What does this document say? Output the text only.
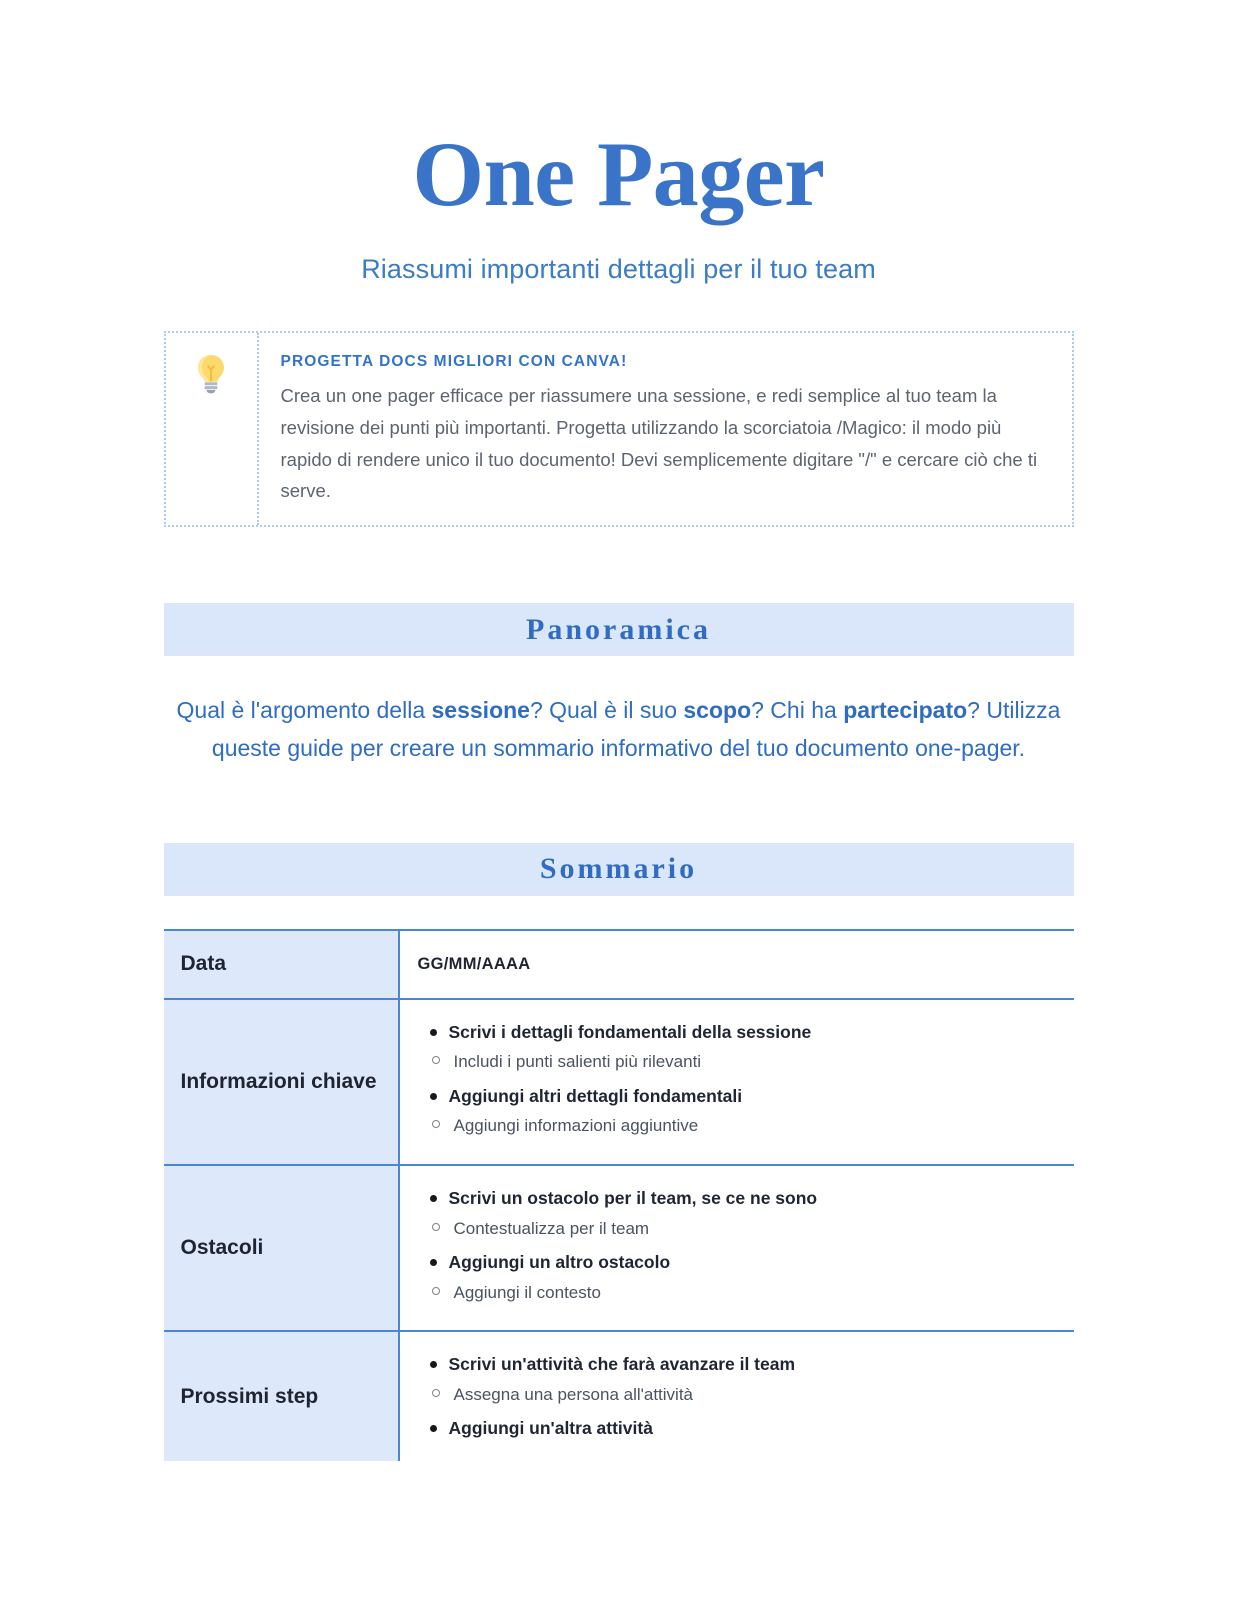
One Pager
Riassumi importanti dettagli per il tuo team
PROGETTA DOCS MIGLIORI CON CANVA!
Crea un one pager efficace per riassumere una sessione, e redi semplice al tuo team la revisione dei punti più importanti. Progetta utilizzando la scorciatoia /Magico: il modo più rapido di rendere unico il tuo documento! Devi semplicemente digitare "/" e cercare ciò che ti serve.
Panoramica
Qual è l'argomento della sessione? Qual è il suo scopo? Chi ha partecipato? Utilizza queste guide per creare un sommario informativo del tuo documento one-pager.
Sommario
Data	GG/MM/AAAA

Informazioni chiave	
Scrivi i dettagli fondamentali della sessione
Includi i punti salienti più rilevanti
Aggiungi altri dettagli fondamentali
Aggiungi informazioni aggiuntive

Ostacoli	
Scrivi un ostacolo per il team, se ce ne sono
Contestualizza per il team
Aggiungi un altro ostacolo
Aggiungi il contesto

Prossimi step	
Scrivi un'attività che farà avanzare il team
Assegna una persona all'attività
Aggiungi un'altra attività
